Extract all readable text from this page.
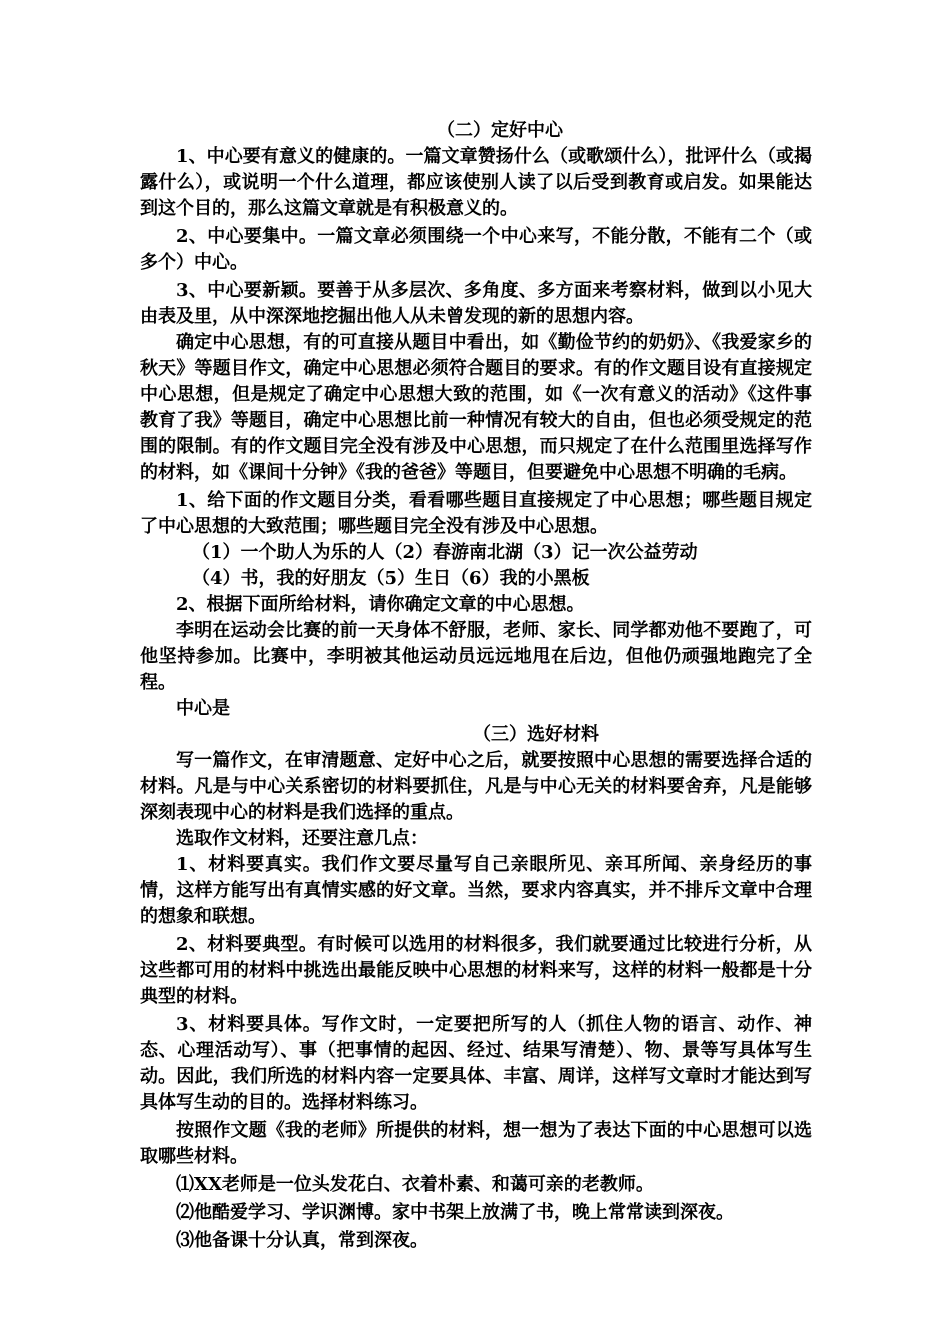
（二）定好中心

1、中心要有意义的健康的。一篇文章赞扬什么（或歌颂什么），批评什么（或揭露什么），或说明一个什么道理，都应该使别人读了以后受到教育或启发。如果能达到这个目的，那么这篇文章就是有积极意义的。

2、中心要集中。一篇文章必须围绕一个中心来写，不能分散，不能有二个（或多个）中心。

3、中心要新颖。要善于从多层次、多角度、多方面来考察材料，做到以小见大由表及里，从中深深地挖掘出他人从未曾发现的新的思想内容。

确定中心思想，有的可直接从题目中看出，如《勤俭节约的奶奶》、《我爱家乡的秋天》等题目作文，确定中心思想必须符合题目的要求。有的作文题目设有直接规定中心思想，但是规定了确定中心思想大致的范围，如《一次有意义的活动》《这件事教育了我》等题目，确定中心思想比前一种情况有较大的自由，但也必须受规定的范围的限制。有的作文题目完全没有涉及中心思想，而只规定了在什么范围里选择写作的材料，如《课间十分钟》《我的爸爸》等题目，但要避免中心思想不明确的毛病。

1、给下面的作文题目分类，看看哪些题目直接规定了中心思想；哪些题目规定了中心思想的大致范围；哪些题目完全没有涉及中心思想。

（1）一个助人为乐的人（2）春游南北湖（3）记一次公益劳动

（4）书，我的好朋友（5）生日（6）我的小黑板

2、根据下面所给材料，请你确定文章的中心思想。

李明在运动会比赛的前一天身体不舒服，老师、家长、同学都劝他不要跑了，可他坚持参加。比赛中，李明被其他运动员远远地甩在后边，但他仍顽强地跑完了全程。

中心是

（三）选好材料

写一篇作文，在审清题意、定好中心之后，就要按照中心思想的需要选择合适的材料。凡是与中心关系密切的材料要抓住，凡是与中心无关的材料要舍弃，凡是能够深刻表现中心的材料是我们选择的重点。

选取作文材料，还要注意几点：

1、材料要真实。我们作文要尽量写自己亲眼所见、亲耳所闻、亲身经历的事情，这样方能写出有真情实感的好文章。当然，要求内容真实，并不排斥文章中合理的想象和联想。

2、材料要典型。有时候可以选用的材料很多，我们就要通过比较进行分析，从这些都可用的材料中挑选出最能反映中心思想的材料来写，这样的材料一般都是十分典型的材料。

3、材料要具体。写作文时，一定要把所写的人（抓住人物的语言、动作、神态、心理活动写）、事（把事情的起因、经过、结果写清楚）、物、景等写具体写生动。因此，我们所选的材料内容一定要具体、丰富、周详，这样写文章时才能达到写具体写生动的目的。选择材料练习。

按照作文题《我的老师》所提供的材料，想一想为了表达下面的中心思想可以选取哪些材料。

⑴XX老师是一位头发花白、衣着朴素、和蔼可亲的老教师。

⑵他酷爱学习、学识渊博。家中书架上放满了书，晚上常常读到深夜。

⑶他备课十分认真，常到深夜。
